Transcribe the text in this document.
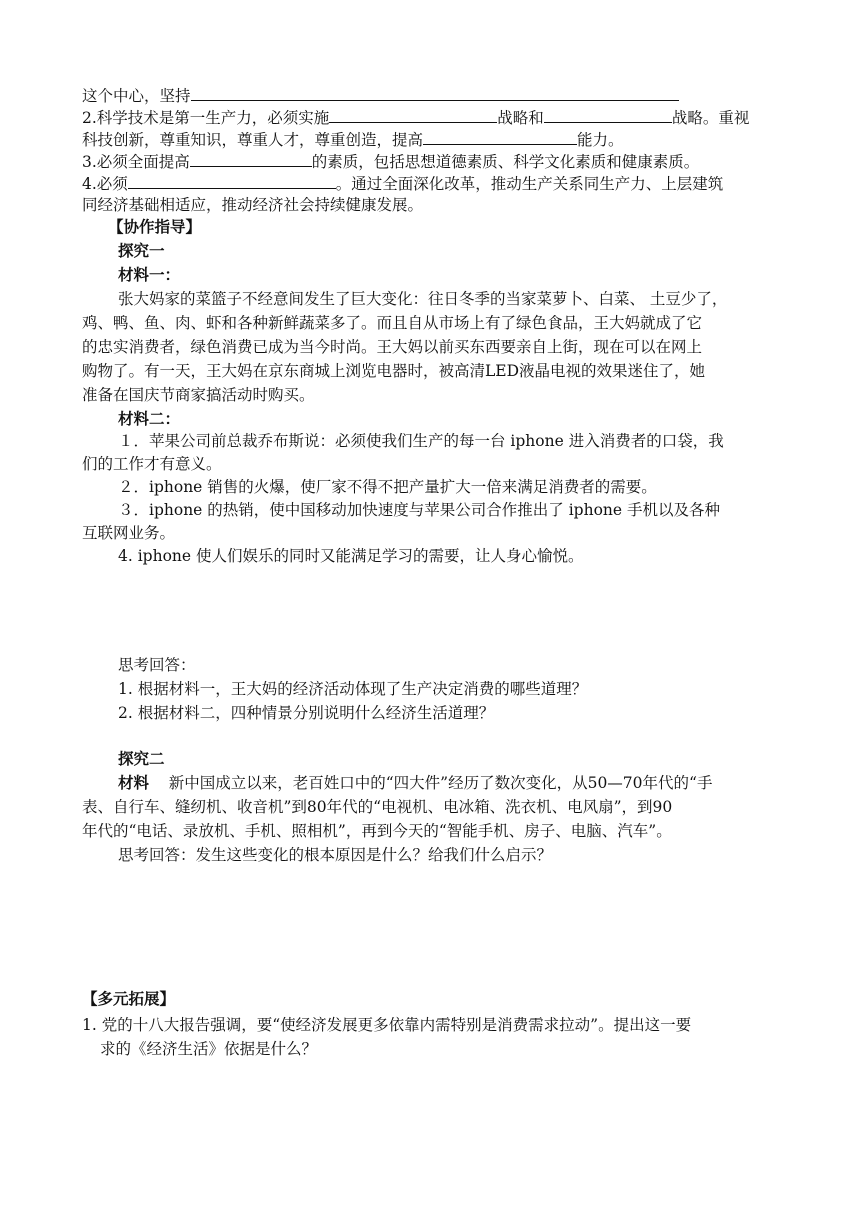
这个中心，坚持
2.科学技术是第一生产力，必须实施	战略和	战略。重视
科技创新，尊重知识，尊重人才，尊重创造，提高	能力。
3.必须全面提高	的素质，包括思想道德素质、科学文化素质和健康素质。
4.必须	。通过全面深化改革，推动生产关系同生产力、上层建筑
同经济基础相适应，推动经济社会持续健康发展。
【协作指导】
探究一
材料一：
张大妈家的菜篮子不经意间发生了巨大变化：往日冬季的当家菜萝卜、白菜、 土豆少了，
鸡、鸭、鱼、肉、虾和各种新鲜蔬菜多了。而且自从市场上有了绿色食品，王大妈就成了它
的忠实消费者，绿色消费已成为当今时尚。王大妈以前买东西要亲自上街，现在可以在网上
购物了。有一天，王大妈在京东商城上浏览电器时，被高清LED液晶电视的效果迷住了，她
准备在国庆节商家搞活动时购买。
材料二：
１．苹果公司前总裁乔布斯说：必须使我们生产的每一台 iphone 进入消费者的口袋，我
们的工作才有意义。
２．iphone 销售的火爆，使厂家不得不把产量扩大一倍来满足消费者的需要。
３．iphone 的热销，使中国移动加快速度与苹果公司合作推出了 iphone 手机以及各种
互联网业务。
4. iphone 使人们娱乐的同时又能满足学习的需要，让人身心愉悦。
思考回答：
1. 根据材料一，王大妈的经济活动体现了生产决定消费的哪些道理？
2. 根据材料二，四种情景分别说明什么经济生活道理？
探究二
材料 新中国成立以来，老百姓口中的“四大件”经历了数次变化，从50—70年代的“手
表、自行车、缝纫机、收音机”到80年代的“电视机、电冰箱、洗衣机、电风扇”，到90
年代的“电话、录放机、手机、照相机”，再到今天的“智能手机、房子、电脑、汽车”。
思考回答：发生这些变化的根本原因是什么？给我们什么启示？
【多元拓展】
1. 党的十八大报告强调，要“使经济发展更多依靠内需特别是消费需求拉动”。提出这一要
求的《经济生活》依据是什么？
